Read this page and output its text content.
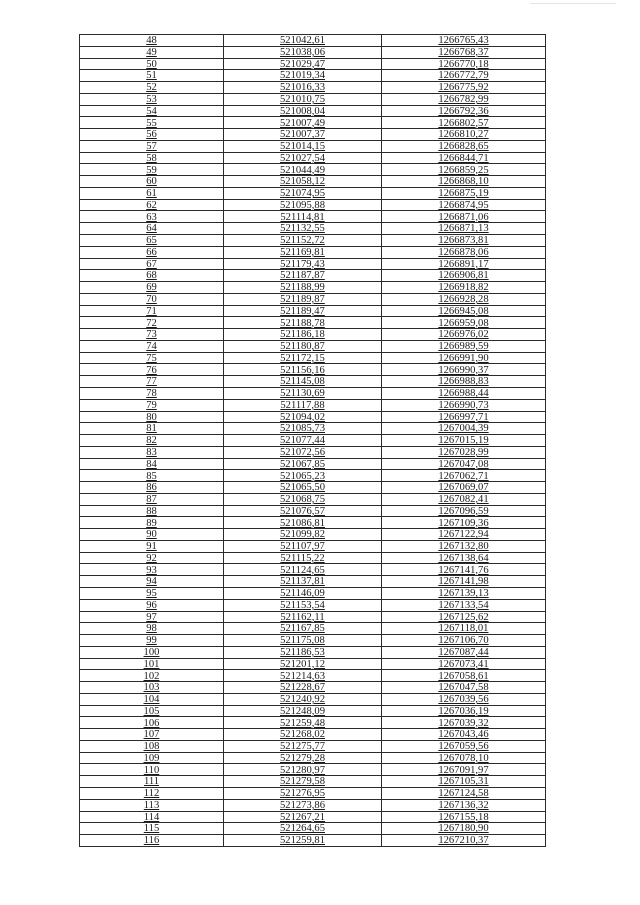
48	521042,61	1266765,43
49	521038,06	1266768,37
50	521029,47	1266770,18
51	521019,34	1266772,79
52	521016,33	1266775,92
53	521010,75	1266782,99
54	521008,04	1266792,36
55	521007,49	1266802,57
56	521007,37	1266810,27
57	521014,15	1266828,65
58	521027,54	1266844,71
59	521044,49	1266859,25
60	521058,12	1266868,10
61	521074,95	1266875,19
62	521095,88	1266874,95
63	521114,81	1266871,06
64	521132,55	1266871,13
65	521152,72	1266873,81
66	521169,81	1266878,06
67	521179,43	1266891,17
68	521187,87	1266906,81
69	521188,99	1266918,82
70	521189,87	1266928,28
71	521189,47	1266945,08
72	521188,78	1266959,08
73	521186,18	1266976,02
74	521180,87	1266989,59
75	521172,15	1266991,90
76	521156,16	1266990,37
77	521145,08	1266988,83
78	521130,69	1266988,44
79	521117,88	1266990,73
80	521094,02	1266997,71
81	521085,73	1267004,39
82	521077,44	1267015,19
83	521072,56	1267028,99
84	521067,85	1267047,08
85	521065,23	1267062,71
86	521065,50	1267069,07
87	521068,75	1267082,41
88	521076,57	1267096,59
89	521086,81	1267109,36
90	521099,82	1267122,94
91	521107,97	1267132,80
92	521115,22	1267138,64
93	521124,65	1267141,76
94	521137,81	1267141,98
95	521146,09	1267139,13
96	521153,54	1267133,54
97	521162,11	1267125,62
98	521167,85	1267118,01
99	521175,08	1267106,70
100	521186,53	1267087,44
101	521201,12	1267073,41
102	521214,63	1267058,61
103	521228,67	1267047,58
104	521240,92	1267039,56
105	521248,09	1267036,19
106	521259,48	1267039,32
107	521268,02	1267043,46
108	521275,77	1267059,56
109	521279,28	1267078,10
110	521280,97	1267091,97
111	521279,58	1267105,31
112	521276,95	1267124,58
113	521273,86	1267136,32
114	521267,21	1267155,18
115	521264,65	1267180,90
116	521259,81	1267210,37
